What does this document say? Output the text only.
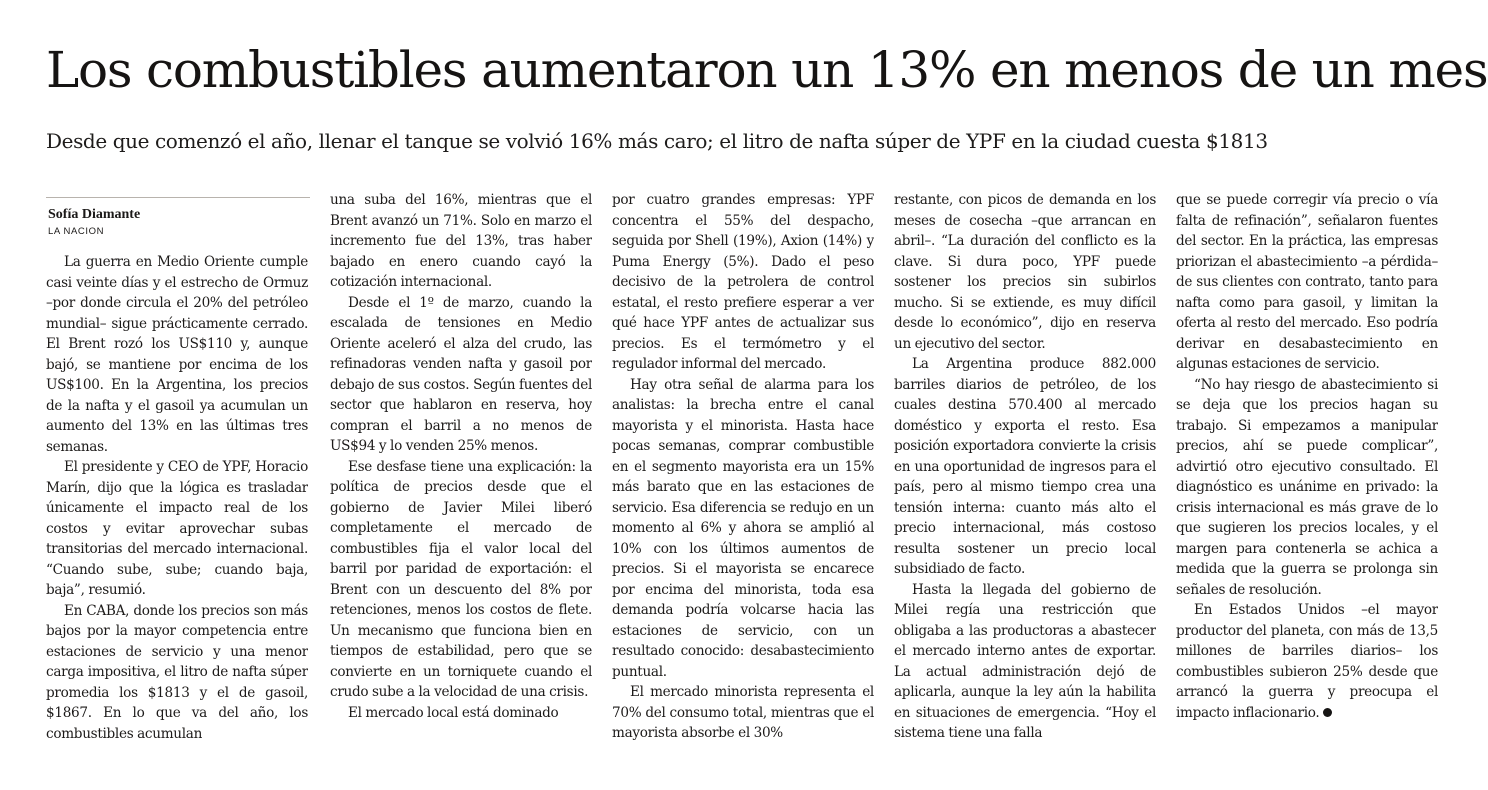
Los combustibles aumentaron un 13% en menos de un mes
Desde que comenzó el año, llenar el tanque se volvió 16% más caro; el litro de nafta súper de YPF en la ciudad cuesta $1813
Sofía Diamante
LA NACION

La guerra en Medio Oriente cumple casi veinte días y el estrecho de Ormuz –por donde circula el 20% del petróleo mundial– sigue prácticamente cerrado. El Brent rozó los US$110 y, aunque bajó, se mantiene por encima de los US$100. En la Argentina, los precios de la nafta y el gasoil ya acumulan un aumento del 13% en las últimas tres semanas.

El presidente y CEO de YPF, Horacio Marín, dijo que la lógica es trasladar únicamente el impacto real de los costos y evitar aprovechar subas transitorias del mercado internacional. “Cuando sube, sube; cuando baja, baja”, resumió.

En CABA, donde los precios son más bajos por la mayor competencia entre estaciones de servicio y una menor carga impositiva, el litro de nafta súper promedia los $1813 y el de gasoil, $1867. En lo que va del año, los combustibles acumulan

una suba del 16%, mientras que el Brent avanzó un 71%. Solo en marzo el incremento fue del 13%, tras haber bajado en enero cuando cayó la cotización internacional.

Desde el 1º de marzo, cuando la escalada de tensiones en Medio Oriente aceleró el alza del crudo, las refinadoras venden nafta y gasoil por debajo de sus costos. Según fuentes del sector que hablaron en reserva, hoy compran el barril a no menos de US$94 y lo venden 25% menos.

Ese desfase tiene una explicación: la política de precios desde que el gobierno de Javier Milei liberó completamente el mercado de combustibles fija el valor local del barril por paridad de exportación: el Brent con un descuento del 8% por retenciones, menos los costos de flete. Un mecanismo que funciona bien en tiempos de estabilidad, pero que se convierte en un torniquete cuando el crudo sube a la velocidad de una crisis.

El mercado local está dominado

por cuatro grandes empresas: YPF concentra el 55% del despacho, seguida por Shell (19%), Axion (14%) y Puma Energy (5%). Dado el peso decisivo de la petrolera de control estatal, el resto prefiere esperar a ver qué hace YPF antes de actualizar sus precios. Es el termómetro y el regulador informal del mercado.

Hay otra señal de alarma para los analistas: la brecha entre el canal mayorista y el minorista. Hasta hace pocas semanas, comprar combustible en el segmento mayorista era un 15% más barato que en las estaciones de servicio. Esa diferencia se redujo en un momento al 6% y ahora se amplió al 10% con los últimos aumentos de precios. Si el mayorista se encarece por encima del minorista, toda esa demanda podría volcarse hacia las estaciones de servicio, con un resultado conocido: desabastecimiento puntual.

El mercado minorista representa el 70% del consumo total, mientras que el mayorista absorbe el 30%

restante, con picos de demanda en los meses de cosecha –que arrancan en abril–. “La duración del conflicto es la clave. Si dura poco, YPF puede sostener los precios sin subirlos mucho. Si se extiende, es muy difícil desde lo económico”, dijo en reserva un ejecutivo del sector.

La Argentina produce 882.000 barriles diarios de petróleo, de los cuales destina 570.400 al mercado doméstico y exporta el resto. Esa posición exportadora convierte la crisis en una oportunidad de ingresos para el país, pero al mismo tiempo crea una tensión interna: cuanto más alto el precio internacional, más costoso resulta sostener un precio local subsidiado de facto.

Hasta la llegada del gobierno de Milei regía una restricción que obligaba a las productoras a abastecer el mercado interno antes de exportar. La actual administración dejó de aplicarla, aunque la ley aún la habilita en situaciones de emergencia. “Hoy el sistema tiene una falla

que se puede corregir vía precio o vía falta de refinación”, señalaron fuentes del sector. En la práctica, las empresas priorizan el abastecimiento –a pérdida– de sus clientes con contrato, tanto para nafta como para gasoil, y limitan la oferta al resto del mercado. Eso podría derivar en desabastecimiento en algunas estaciones de servicio.

“No hay riesgo de abastecimiento si se deja que los precios hagan su trabajo. Si empezamos a manipular precios, ahí se puede complicar”, advirtió otro ejecutivo consultado. El diagnóstico es unánime en privado: la crisis internacional es más grave de lo que sugieren los precios locales, y el margen para contenerla se achica a medida que la guerra se prolonga sin señales de resolución.

En Estados Unidos –el mayor productor del planeta, con más de 13,5 millones de barriles diarios– los combustibles subieron 25% desde que arrancó la guerra y preocupa el impacto inflacionario.
